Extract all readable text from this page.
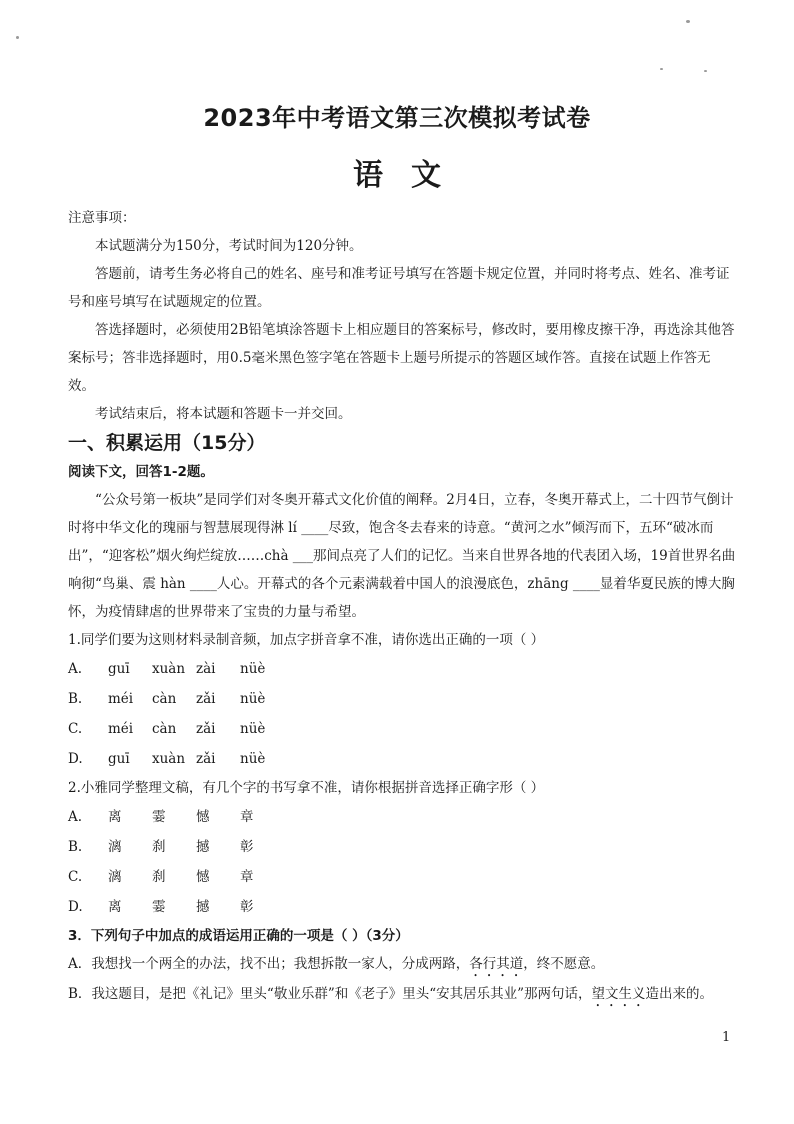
2023年中考语文第三次模拟考试卷
语文

注意事项：

本试题满分为150分，考试时间为120分钟。

答题前，请考生务必将自己的姓名、座号和准考证号填写在答题卡规定位置，并同时将考点、姓名、准考证号和座号填写在试题规定的位置。

答选择题时，必须使用2B铅笔填涂答题卡上相应题目的答案标号，修改时，要用橡皮擦干净，再选涂其他答案标号；答非选择题时，用0.5毫米黑色签字笔在答题卡上题号所提示的答题区域作答。直接在试题上作答无效。

考试结束后，将本试题和答题卡一并交回。

一、积累运用（15分）

阅读下文，回答1-2题。

“公众号第一板块”是同学们对冬奥开幕式文化价值的阐释。2月4日，立春，冬奥开幕式上，二十四节气倒计时将中华文化的瑰丽与智慧展现得淋 lí ____尽致，饱含冬去春来的诗意。“黄河之水”倾泻而下，五环“破冰而出”，“迎客松”烟火绚烂绽放……chà ___那间点亮了人们的记忆。当来自世界各地的代表团入场，19首世界名曲响彻“鸟巢、震 hàn ____人心。开幕式的各个元素满载着中国人的浪漫底色，zhāng ____显着华夏民族的博大胸怀，为疫情肆虐的世界带来了宝贵的力量与希望。

1.同学们要为这则材料录制音频，加点字拼音拿不准，请你选出正确的一项（ ）

A. guī xuàn zài nüè
B. méi càn zǎi nüè
C. méi càn zǎi nüè
D. guī xuàn zǎi nüè

2.小雅同学整理文稿，有几个字的书写拿不准，请你根据拼音选择正确字形（ ）

A. 离 霎 憾 章
B. 漓 刹 撼 彰
C. 漓 刹 憾 章
D. 离 霎 撼 彰

3．下列句子中加点的成语运用正确的一项是（ ）（3分）

A．我想找一个两全的办法，找不出；我想拆散一家人，分成两路，各行其道，终不愿意。

B．我这题目，是把《礼记》里头“敬业乐群”和《老子》里头“安其居乐其业”那两句话，望文生义造出来的。

1
